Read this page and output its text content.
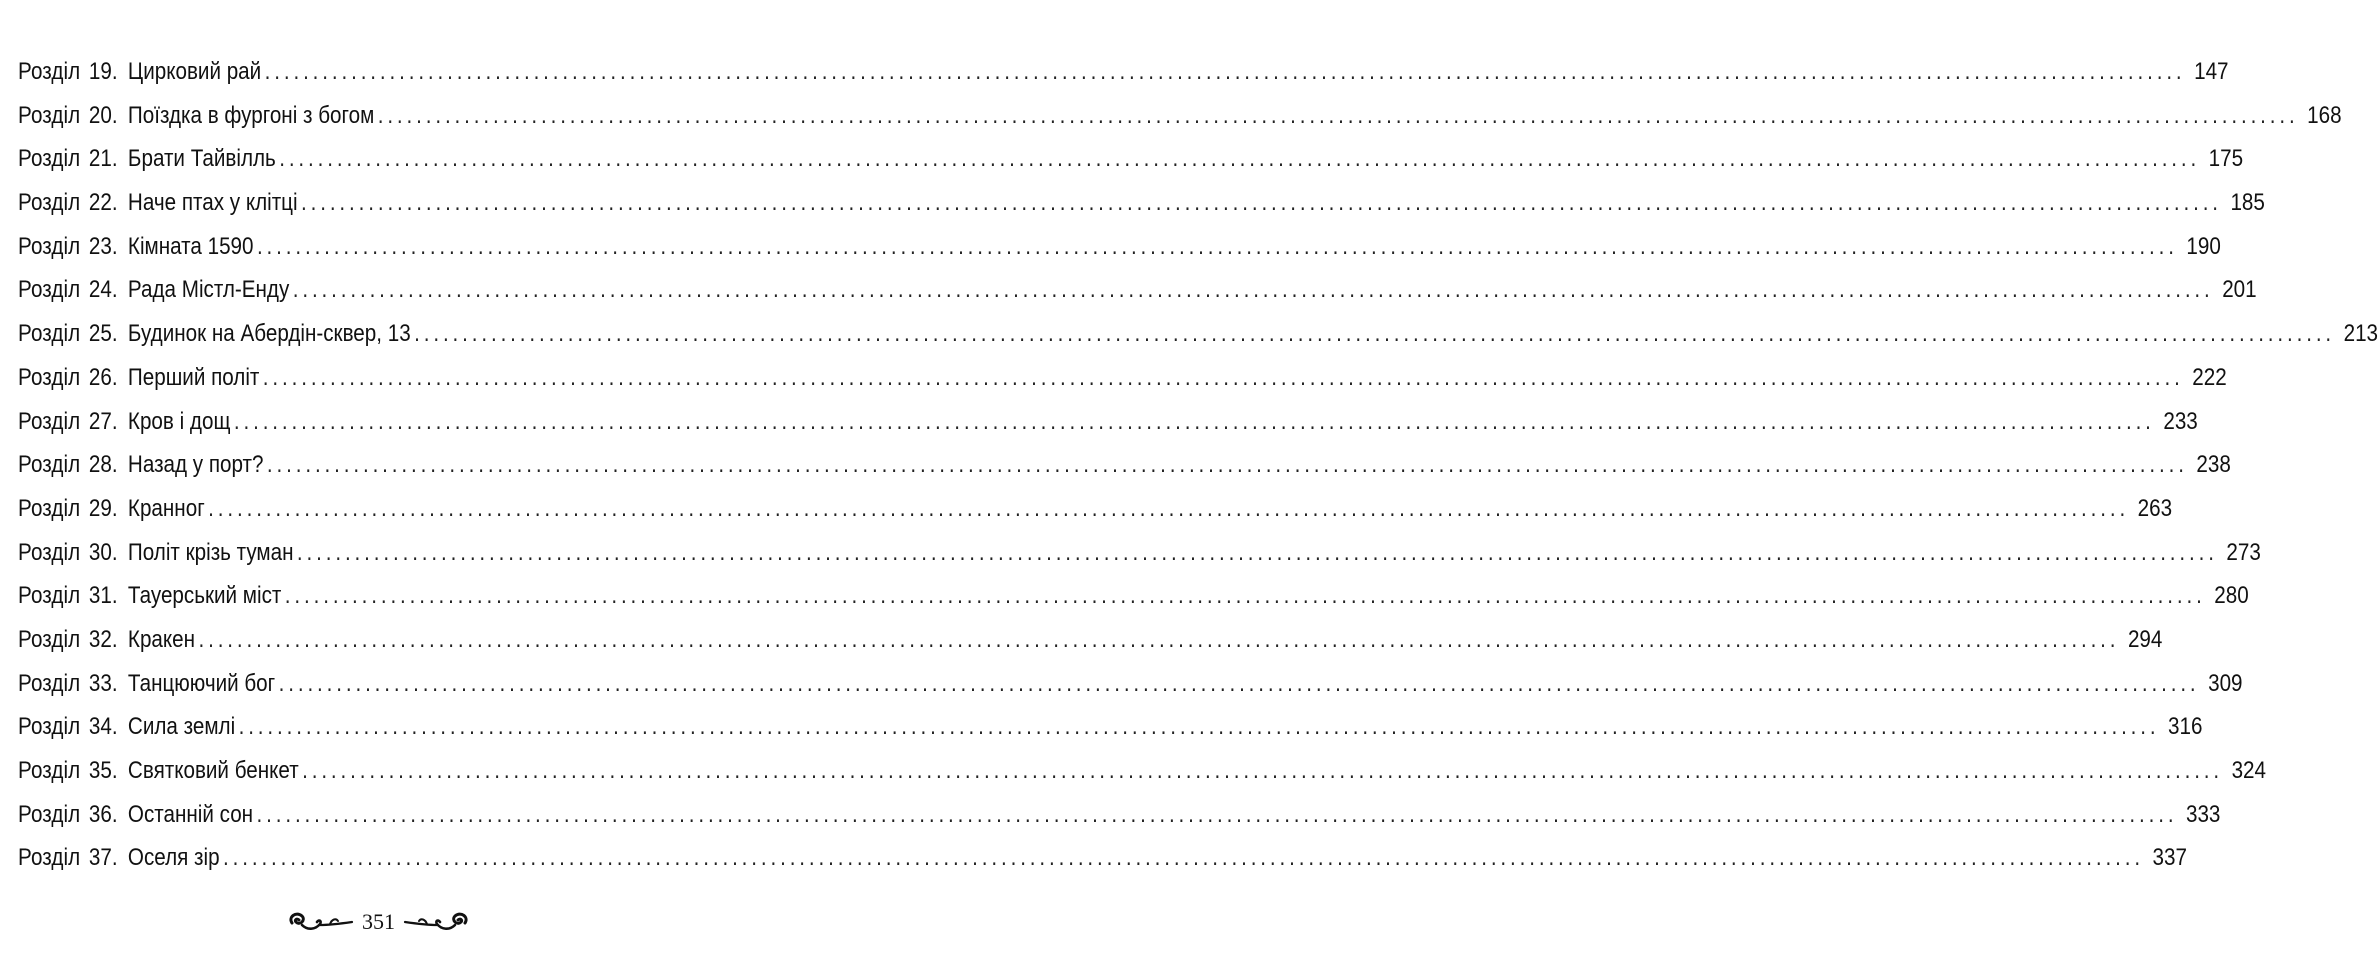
Розділ 19. Цирковий рай ........................................................................................................................................................................................................ 147
Розділ 20. Поїздка в фургоні з богом ........................................................................................................................................................................................................ 168
Розділ 21. Брати Тайвілль ........................................................................................................................................................................................................ 175
Розділ 22. Наче птах у клітці ........................................................................................................................................................................................................ 185
Розділ 23. Кімната 1590 ........................................................................................................................................................................................................ 190
Розділ 24. Рада Містл-Енду ........................................................................................................................................................................................................ 201
Розділ 25. Будинок на Абердін-сквер, 13 ........................................................................................................................................................................................................ 213
Розділ 26. Перший політ ........................................................................................................................................................................................................ 222
Розділ 27. Кров і дощ ........................................................................................................................................................................................................ 233
Розділ 28. Назад у порт? ........................................................................................................................................................................................................ 238
Розділ 29. Кранног ........................................................................................................................................................................................................ 263
Розділ 30. Політ крізь туман ........................................................................................................................................................................................................ 273
Розділ 31. Тауерський міст ........................................................................................................................................................................................................ 280
Розділ 32. Кракен ........................................................................................................................................................................................................ 294
Розділ 33. Танцюючий бог ........................................................................................................................................................................................................ 309
Розділ 34. Сила землі ........................................................................................................................................................................................................ 316
Розділ 35. Святковий бенкет ........................................................................................................................................................................................................ 324
Розділ 36. Останній сон ........................................................................................................................................................................................................ 333
Розділ 37. Оселя зір ........................................................................................................................................................................................................ 337
351
